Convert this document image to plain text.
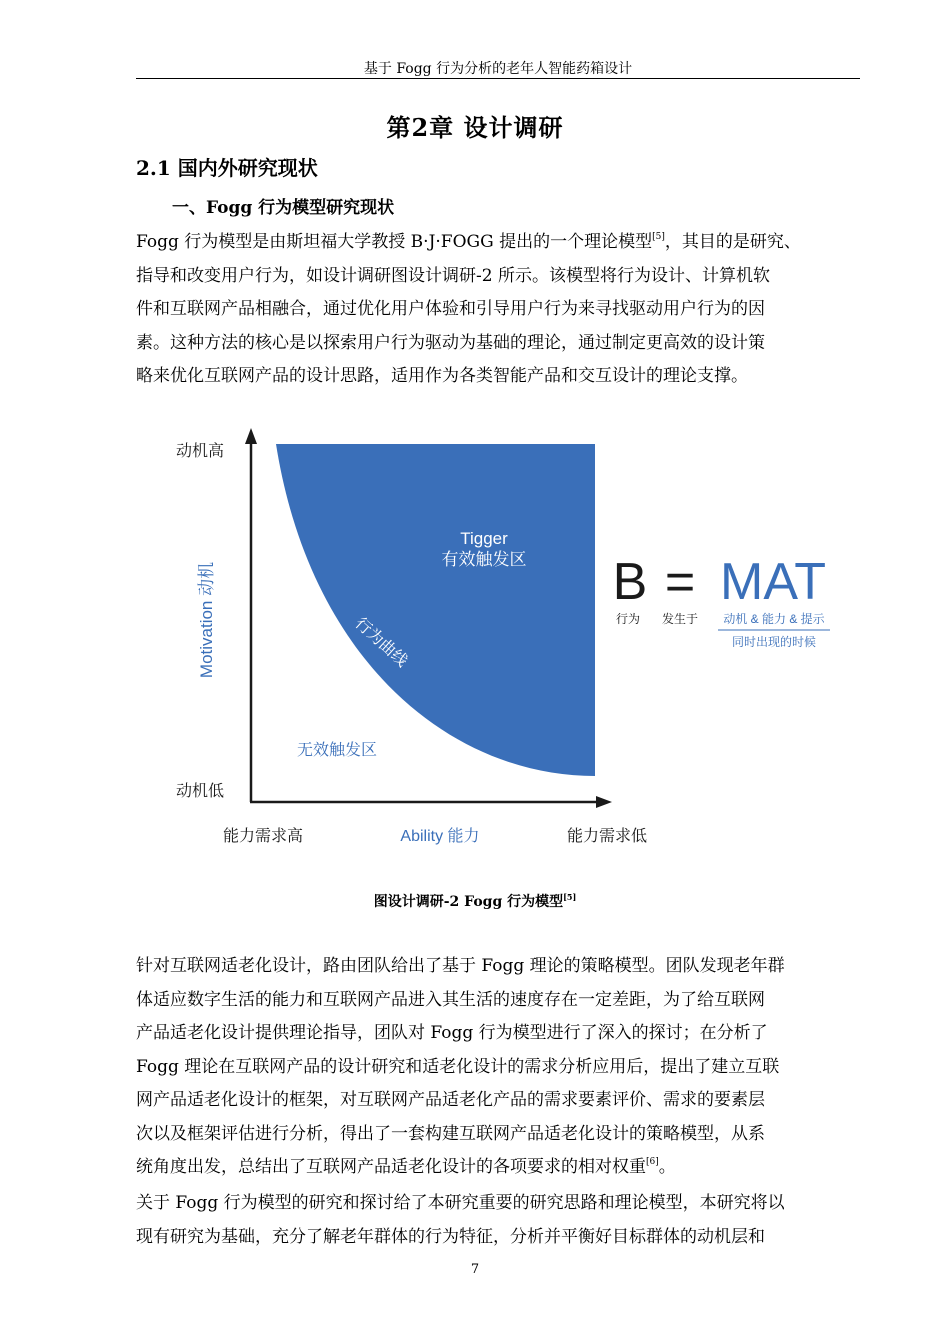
基于 Fogg 行为分析的老年人智能药箱设计
第2章 设计调研
2.1 国内外研究现状
一、Fogg 行为模型研究现状
Fogg 行为模型是由斯坦福大学教授 B·J·FOGG 提出的一个理论模型[5]，其目的是研究、
指导和改变用户行为，如设计调研图设计调研-2 所示。该模型将行为设计、计算机软
件和互联网产品相融合，通过优化用户体验和引导用户行为来寻找驱动用户行为的因
素。这种方法的核心是以探索用户行为驱动为基础的理论，通过制定更高效的设计策
略来优化互联网产品的设计思路，适用作为各类智能产品和交互设计的理论支撑。
动机高
动机低
Motivation 动机
能力需求高	Ability 能力	能力需求低
Tigger
有效触发区
行为曲线
无效触发区
B = MAT
行为 发生于 动机 & 能力 & 提示
同时出现的时候
图设计调研-2 Fogg 行为模型[5]
针对互联网适老化设计，路由团队给出了基于 Fogg 理论的策略模型。团队发现老年群
体适应数字生活的能力和互联网产品进入其生活的速度存在一定差距，为了给互联网
产品适老化设计提供理论指导，团队对 Fogg 行为模型进行了深入的探讨；在分析了
Fogg 理论在互联网产品的设计研究和适老化设计的需求分析应用后，提出了建立互联
网产品适老化设计的框架，对互联网产品适老化产品的需求要素评价、需求的要素层
次以及框架评估进行分析，得出了一套构建互联网产品适老化设计的策略模型，从系
统角度出发，总结出了互联网产品适老化设计的各项要求的相对权重[6]。
关于 Fogg 行为模型的研究和探讨给了本研究重要的研究思路和理论模型，本研究将以
现有研究为基础，充分了解老年群体的行为特征，分析并平衡好目标群体的动机层和
7
